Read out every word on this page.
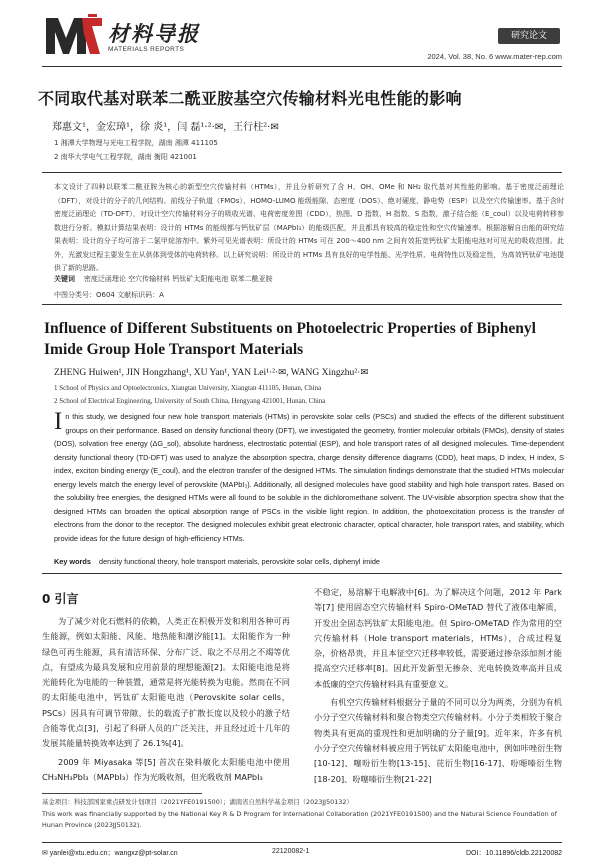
材料导报
MATERIALS REPORTS
研究论文
2024, Vol. 38, No. 6 www.mater-rep.com
不同取代基对联苯二酰亚胺基空穴传输材料光电性能的影响
郑惠文¹，金宏璋¹，徐 炎¹，闫 磊¹·²·✉，王行柱²·✉
1 湘潭大学物理与光电工程学院，湖南 湘潭 411105
2 南华大学电气工程学院，湖南 衡阳 421001
本文设计了四种以联苯二酰亚胺为核心的新型空穴传输材料（HTMs），并且分析研究了含 H、OH、OMe 和 NH₂ 取代基对其性能的影响。基于密度泛函理论（DFT），对设计的分子的几何结构、前线分子轨道（FMOs）、HOMO-LUMO 能级能隙、态密度（DOS）、绝对硬度、静电势（ESP）以及空穴传输速率。基于含时密度泛函理论（TD-DFT），对设计空穴传输材料分子的吸收光谱、电荷密度差图（CDD），热图、D 指数、H 指数、S 指数，激子结合能（E_coul）以及电荷转移参数进行分析。模拟计算结果表明：设计的 HTMs 的能级都与钙钛矿层（MAPbI₃）的能级匹配，并且都具有较高的稳定性和空穴传输速率。根据溶解自由能的研究结果表明：设计的分子均可溶于二氯甲烷溶剂中。紫外可见光谱表明：所设计的 HTMs 可在 200～400 nm 之间有效拓宽钙钛矿太阳能电池对可见光的吸收范围。此外，光激发过程主要发生在从供体到受体的电荷转移。以上研究说明：所设计的 HTMs 具有良好的电学性能、光学性质、电荷特性以及稳定性，为高效钙钛矿电池提供了新的思路。
关键词 密度泛函理论 空穴传输材料 钙钛矿太阳能电池 联苯二酰亚胺
中图分类号：O604 文献标识码：A
Influence of Different Substituents on Photoelectric Properties of Biphenyl Imide Group Hole Transport Materials
ZHENG Huiwen¹, JIN Hongzhang¹, XU Yan¹, YAN Lei¹·²·✉, WANG Xingzhu²·✉
1 School of Physics and Optoelectronics, Xiangtan University, Xiangtan 411105, Hunan, China
2 School of Electrical Engineering, University of South China, Hengyang 421001, Hunan, China
I n this study, we designed four new hole transport materials (HTMs) in perovskite solar cells (PSCs) and studied the effects of the different substituent groups on their performance. Based on density functional theory (DFT), we investigated the geometry, frontier molecular orbitals (FMOs), density of states (DOS), solvation free energy (ΔG_sol), absolute hardness, electrostatic potential (ESP), and hole transport rates of all designed molecules. Time-dependent density functional theory (TD-DFT) was used to analyze the absorption spectra, charge density difference diagrams (CDD), heat maps, D index, H index, S index, exciton binding energy (E_coul), and the electron transfer of the designed HTMs. The simulation findings demonstrate that the studied HTMs molecular energy levels match the energy level of perovskite (MAPbI₃). Additionally, all designed molecules have good stability and high hole transport rates. Based on the solubility free energies, the designed HTMs were all found to be soluble in the dichloromethane solvent. The UV-visible absorption spectra show that the designed HTMs can broaden the optical absorption range of PSCs in the visible light region. In addition, the photoexcitation process is the transfer of electrons from the donor to the receptor. The designed molecules exhibit great electronic character, optical character, hole transport rates, and stability, which provide ideas for the future design of high-efficiency HTMs.
Key words density functional theory, hole transport materials, perovskite solar cells, diphenyl imide
0 引言

为了减少对化石燃料的依赖，人类正在积极开发和利用各种可再生能源，例如太阳能、风能、地热能和潮汐能[1]。太阳能作为一种绿色可再生能源，具有清洁环保、分布广泛、取之不尽用之不竭等优点，有望成为最具发展和应用前景的理想能源[2]。太阳能电池是将光能转化为电能的一种装置，通常是将光能转换为电能。然而在不同的太阳能电池中，钙钛矿太阳能电池（Perovskite solar cells，PSCs）因具有可调节带隙、长的载流子扩散长度以及较小的激子结合能等优点[3]，引起了科研人员的广泛关注，并且经过近十几年的发展其能量转换效率达到了 26.1%[4]。

2009 年 Miyasaka 等[5] 首次在染料敏化太阳能电池中使用 CH₃NH₃PbI₃（MAPbI₃）作为光吸收剂，但光吸收剂 MAPbI₃

不稳定，易溶解于电解液中[6]。为了解决这个问题，2012 年 Park 等[7] 使用固态空穴传输材料 Spiro-OMeTAD 替代了液体电解质，开发出全固态钙钛矿太阳能电池。但 Spiro-OMeTAD 作为常用的空穴传输材料（Hole transport materials，HTMs），合成过程复杂，价格昂贵，并且本征空穴迁移率较低，需要通过掺杂添加剂才能提高空穴迁移率[8]。因此开发新型无掺杂、光电转换效率高并且成本低廉的空穴传输材料具有重要意义。

有机空穴传输材料根据分子量的不同可以分为两类，分别为有机小分子空穴传输材料和聚合物类空穴传输材料。小分子类相较于聚合物类具有更高的重现性和更加明确的分子量[9]。近年来，许多有机小分子空穴传输材料被应用于钙钛矿太阳能电池中，例如咔唑衍生物[10-12]、噻吩衍生物[13-15]、芘衍生物[16-17]、吩噁嗪衍生物[18-20]、吩噻嗪衍生物[21-22]

基金项目：科技部国家重点研发计划项目（2021YFE0191500）；湖南省自然科学基金项目（2023JJ50132）
This work was financially supported by the National Key R & D Program for International Collaboration (2021YFE0191500) and the Natural Science Foundation of Hunan Province (2023JJ50132).
✉ yanlei@xtu.edu.cn；wangxz@pt-solar.cn	22120082-1	DOI：10.11896/cldb.22120082
